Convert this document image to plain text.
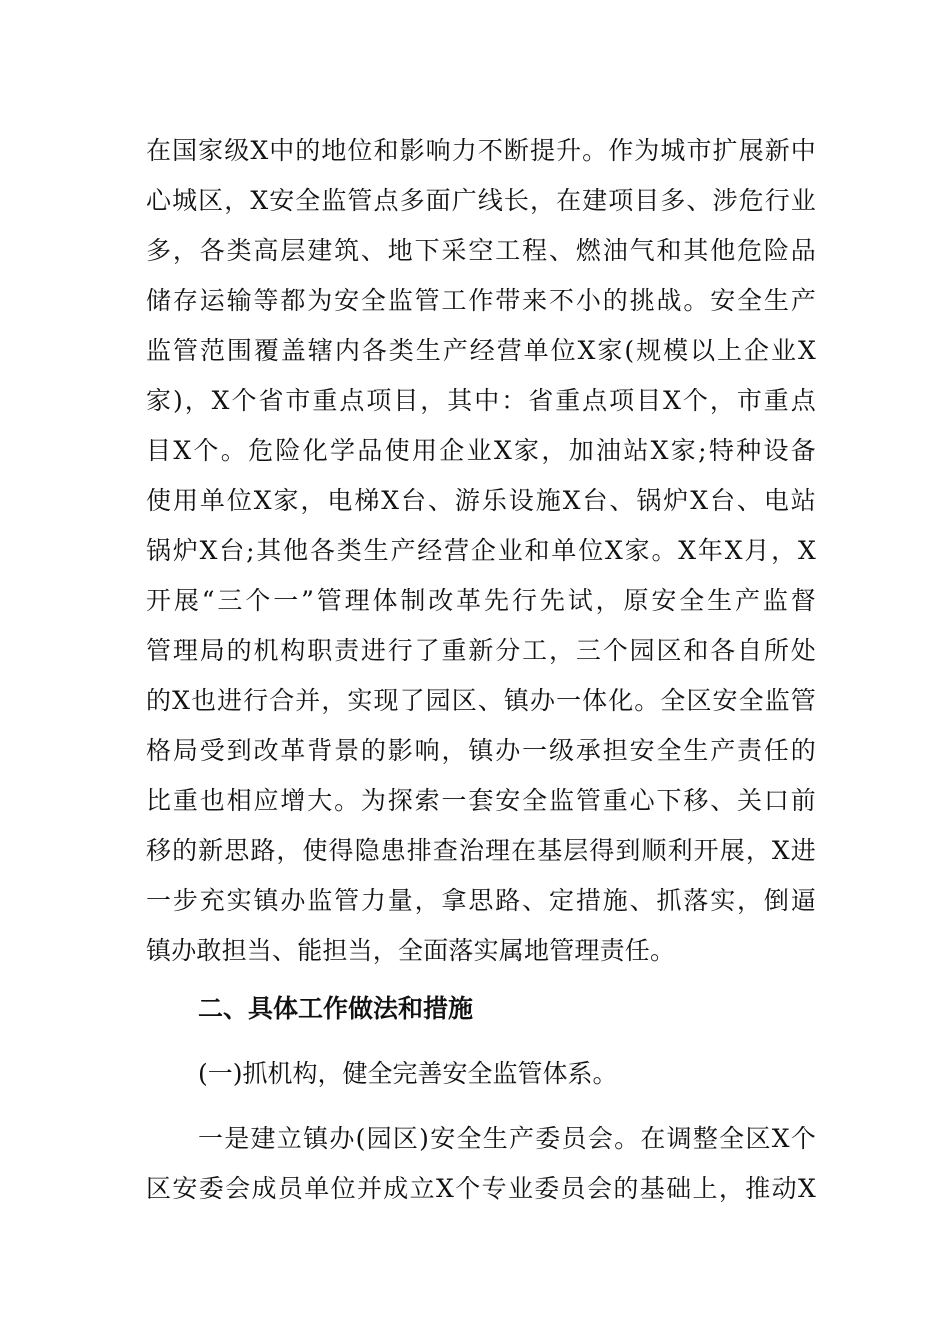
在国家级X中的地位和影响力不断提升。作为城市扩展新中
心城区，X安全监管点多面广线长，在建项目多、涉危行业
多，各类高层建筑、地下采空工程、燃油气和其他危险品
储存运输等都为安全监管工作带来不小的挑战。安全生产
监管范围覆盖辖内各类生产经营单位X家(规模以上企业X
家)，X个省市重点项目，其中：省重点项目X个，市重点
目X个。危险化学品使用企业X家，加油站X家;特种设备
使用单位X家，电梯X台、游乐设施X台、锅炉X台、电站
锅炉X台;其他各类生产经营企业和单位X家。X年X月，X
开展“三个一”管理体制改革先行先试，原安全生产监督
管理局的机构职责进行了重新分工，三个园区和各自所处
的X也进行合并，实现了园区、镇办一体化。全区安全监管
格局受到改革背景的影响，镇办一级承担安全生产责任的
比重也相应增大。为探索一套安全监管重心下移、关口前
移的新思路，使得隐患排查治理在基层得到顺利开展，X进
一步充实镇办监管力量，拿思路、定措施、抓落实，倒逼
镇办敢担当、能担当，全面落实属地管理责任。
二、具体工作做法和措施
(一)抓机构，健全完善安全监管体系。
一是建立镇办(园区)安全生产委员会。在调整全区X个
区安委会成员单位并成立X个专业委员会的基础上，推动X
